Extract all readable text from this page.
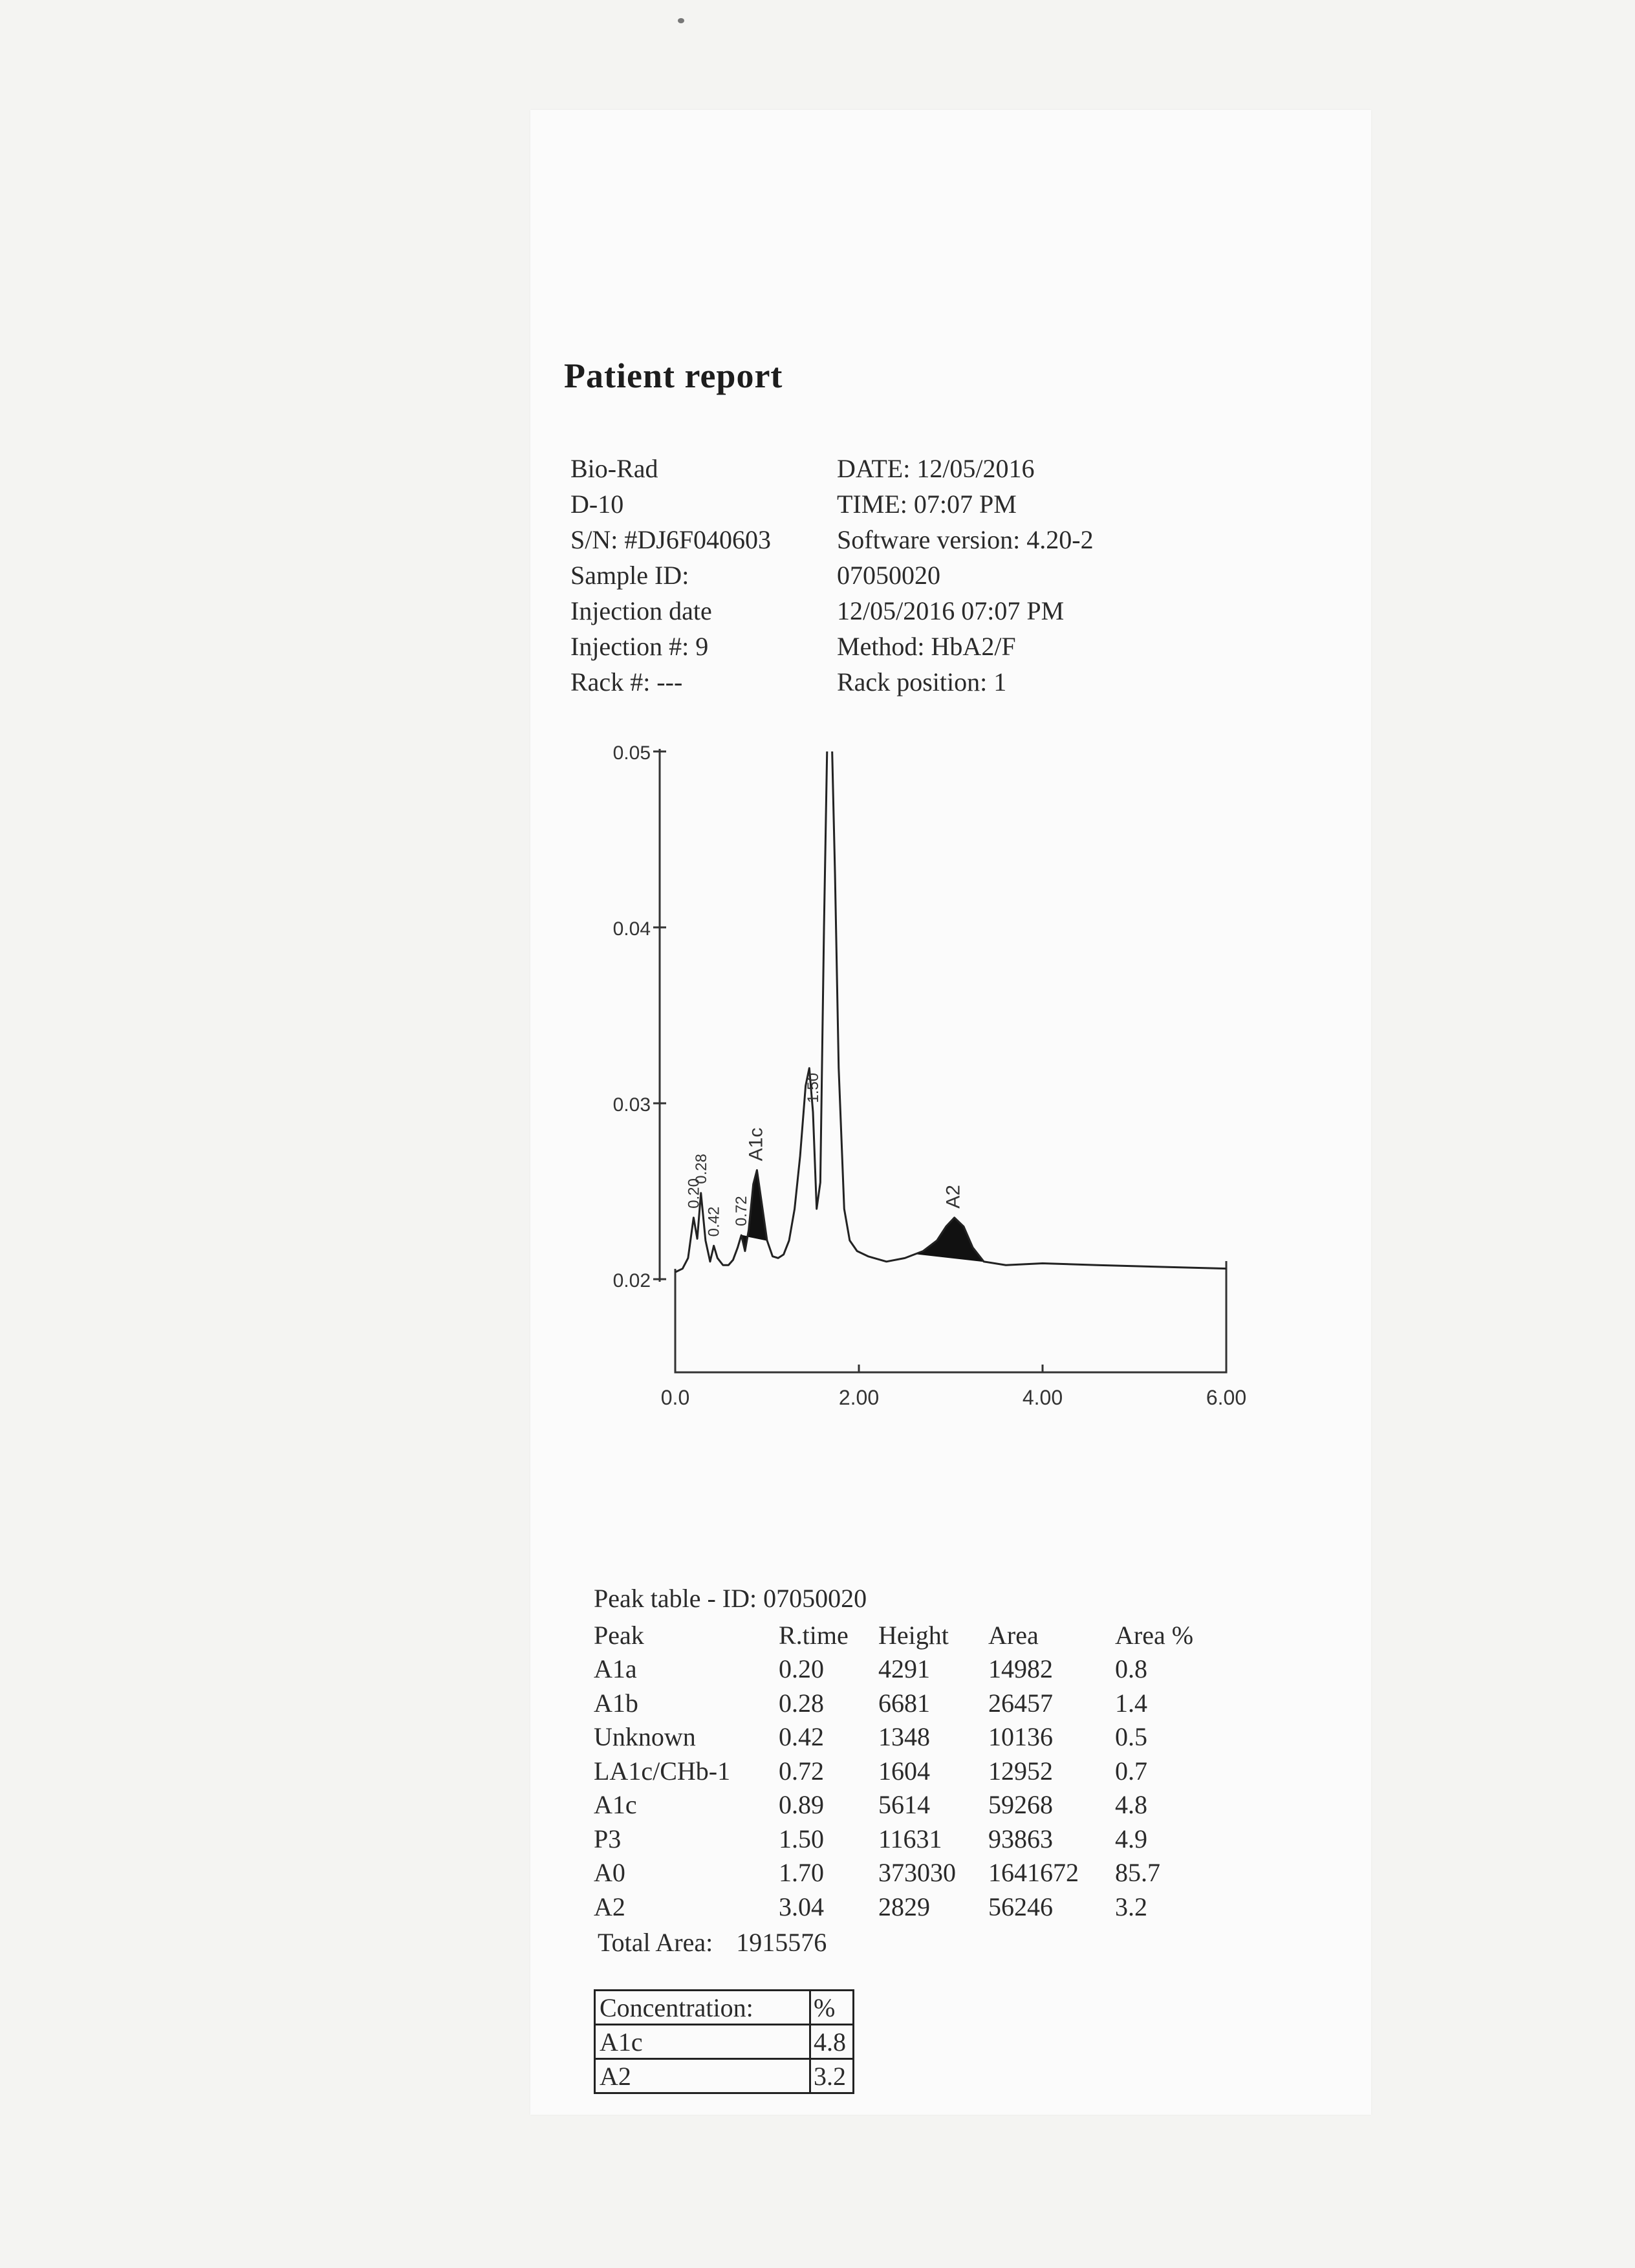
Patient report
Bio-Rad	DATE: 12/05/2016
D-10	TIME: 07:07 PM
S/N: #DJ6F040603	Software version: 4.20-2
Sample ID:	07050020
Injection date	12/05/2016 07:07 PM
Injection #: 9	Method: HbA2/F
Rack #: ---	Rack position: 1
0.05
0.04
0.03
0.02
0.0	2.00	4.00	6.00
0.20
0.28
0.42 0.72
A1c
1.50
A2

Peak table - ID: 07050020

Peak	R.time	Height	Area	Area %
A1a	0.20	4291	14982	0.8
A1b	0.28	6681	26457	1.4
Unknown	0.42	1348	10136	0.5
LA1c/CHb-1	0.72	1604	12952	0.7
A1c	0.89	5614	59268	4.8
P3	1.50	11631	93863	4.9
A0	1.70	373030	1641672	85.7
A2	3.04	2829	56246	3.2

Total Area: 1915576

Concentration:	%
A1c	4.8
A2	3.2
